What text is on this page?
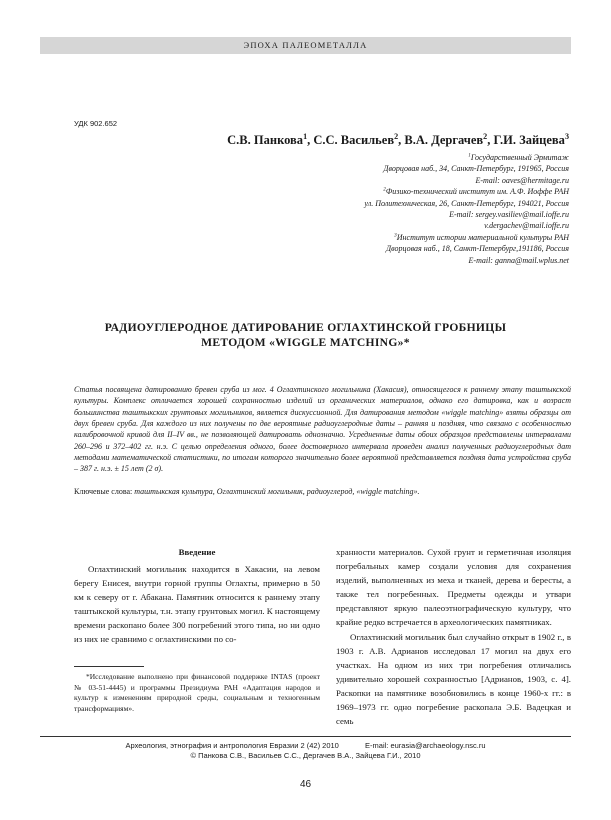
ЭПОХА ПАЛЕОМЕТАЛЛА
УДК 902.652
С.В. Панкова$^1$, С.С. Васильев$^2$, В.А. Дергачев$^2$, Г.И. Зайцева$^3$
$^1$Государственный Эрмитаж
Дворцовая наб., 34, Санкт-Петербург, 191965, Россия
E-mail: oaves@hermitage.ru
$^2$Физико-технический институт им. А.Ф. Иоффе РАН
ул. Политехническая, 26, Санкт-Петербург, 194021, Россия
E-mail: sergey.vasiliev@mail.ioffe.ru
v.dergachev@mail.ioffe.ru
$^3$Институт истории материальной культуры РАН
Дворцовая наб., 18, Санкт-Петербург,191186, Россия
E-mail: ganna@mail.wplus.net
РАДИОУГЛЕРОДНОЕ ДАТИРОВАНИЕ ОГЛАХТИНСКОЙ ГРОБНИЦЫ
МЕТОДОМ «WIGGLE MATCHING»*
Статья посвящена датированию бревен сруба из мог. 4 Оглахтинского могильника (Хакасия), относящегося к раннему этапу таштыкской культуры. Комплекс отличается хорошей сохранностью изделий из органических материалов, однако его датировка, как и возраст большинства таштыкских грунтовых могильников, является дискуссионной. Для датирования методом «wiggle matching» взяты образцы от двух бревен сруба. Для каждого из них получены по две вероятные радиоуглеродные даты – ранняя и поздняя, что связано с особенностью калибровочной кривой для II–IV вв., не позволяющей датировать однозначно. Усредненные даты обоих образцов представлены интервалами 260–296 и 372–402 гг. н.э. С целью определения одного, более достоверного интервала проведен анализ полученных радиоуглеродных дат методами математической статистики, по итогам которого значительно более вероятной представляется поздняя дата устройства сруба – 387 г. н.э. ± 15 лет (2 σ).
Ключевые слова: таштыкская культура, Оглахтинский могильник, радиоуглерод, «wiggle matching».
Введение

Оглахтинский могильник находится в Хакасии, на левом берегу Енисея, внутри горной группы Оглахты, примерно в 50 км к северу от г. Абакана. Памятник относится к раннему этапу таштыкской культуры, т.н. этапу грунтовых могил. К настоящему времени раскопано более 300 погребений этого типа, но ни одно из них не сравнимо с оглахтинскими по со-

*Исследование выполнено при финансовой поддержке INTAS (проект № 03-51-4445) и программы Президиума РАН «Адаптация народов и культур к изменениям природной среды, социальным и техногенным трансформациям».

хранности материалов. Сухой грунт и герметичная изоляция погребальных камер создали условия для сохранения изделий, выполненных из меха и тканей, дерева и бересты, а также тел погребенных. Предметы одежды и утвари представляют яркую палеоэтнографическую культуру, что крайне редко встречается в археологических памятниках.

Оглахтинский могильник был случайно открыт в 1902 г., в 1903 г. А.В. Адрианов исследовал 17 могил на двух его участках. На одном из них три погребения отличались удивительно хорошей сохранностью [Адрианов, 1903, с. 4]. Раскопки на памятнике возобновились в конце 1960-х гг.: в 1969–1973 гг. одно погребение раскопала Э.Б. Вадецкая и семь

Археология, этнография и антропология Евразии 2 (42) 2010	E-mail: eurasia@archaeology.nsc.ru
© Панкова С.В., Васильев С.С., Дергачев В.А., Зайцева Г.И., 2010
46
